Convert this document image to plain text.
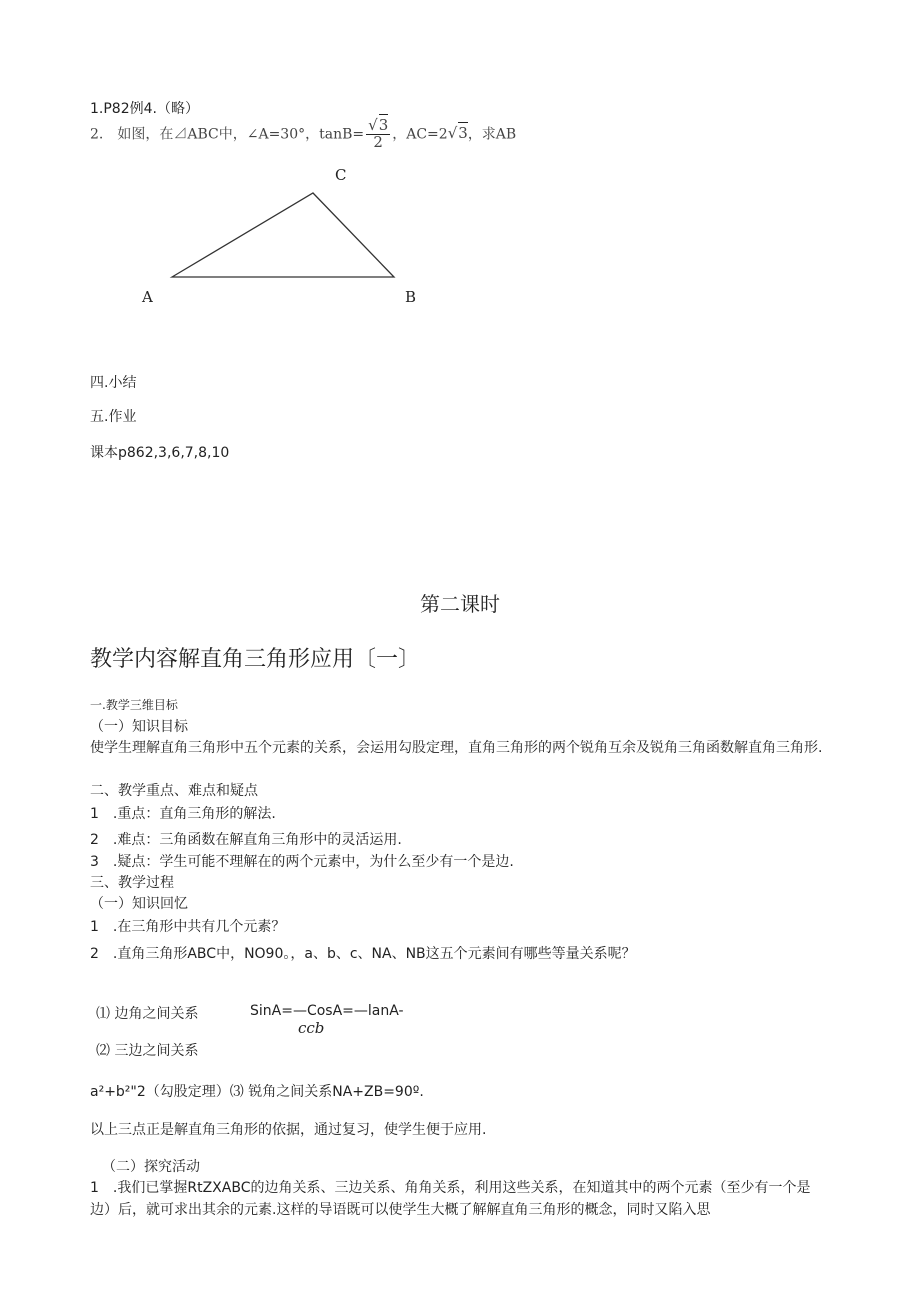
1.P82例4.（略）
2.　如图，在⊿ABC中，∠A=30°，$\tan B= \frac{√3}{2}$ ，AC=2√3，求AB
C
A	B
四.小结
五.作业
课本p862,3,6,7,8,10
第二课时
教学内容解直角三角形应用〔一〕
一.教学三维目标
（一）知识目标
使学生理解直角三角形中五个元素的关系，会运用勾股定理，直角三角形的两个锐角互余及锐角三角函数解直角三角形.
二、教学重点、难点和疑点
1　.重点：直角三角形的解法.
2　.难点：三角函数在解直角三角形中的灵活运用.
3　.疑点：学生可能不理解在的两个元素中，为什么至少有一个是边.
三、教学过程
（一）知识回忆
1　.在三角形中共有几个元素？
2　.直角三角形ABC中，NO90。，a、b、c、NA、NB这五个元素间有哪些等量关系呢？
⑴ 边角之间关系	SinA=—CosA=—lanA-
ccb
⑵ 三边之间关系
a²+b²"2（勾股定理）⑶ 锐角之间关系NA+ZB=90º.
以上三点正是解直角三角形的依据，通过复习，使学生便于应用.
（二）探究活动
1　.我们已掌握RtZXABC的边角关系、三边关系、角角关系，利用这些关系，在知道其中的两个元素（至少有一个是边）后，就可求出其余的元素.这样的导语既可以使学生大概了解解直角三角形的概念，同时又陷入思
